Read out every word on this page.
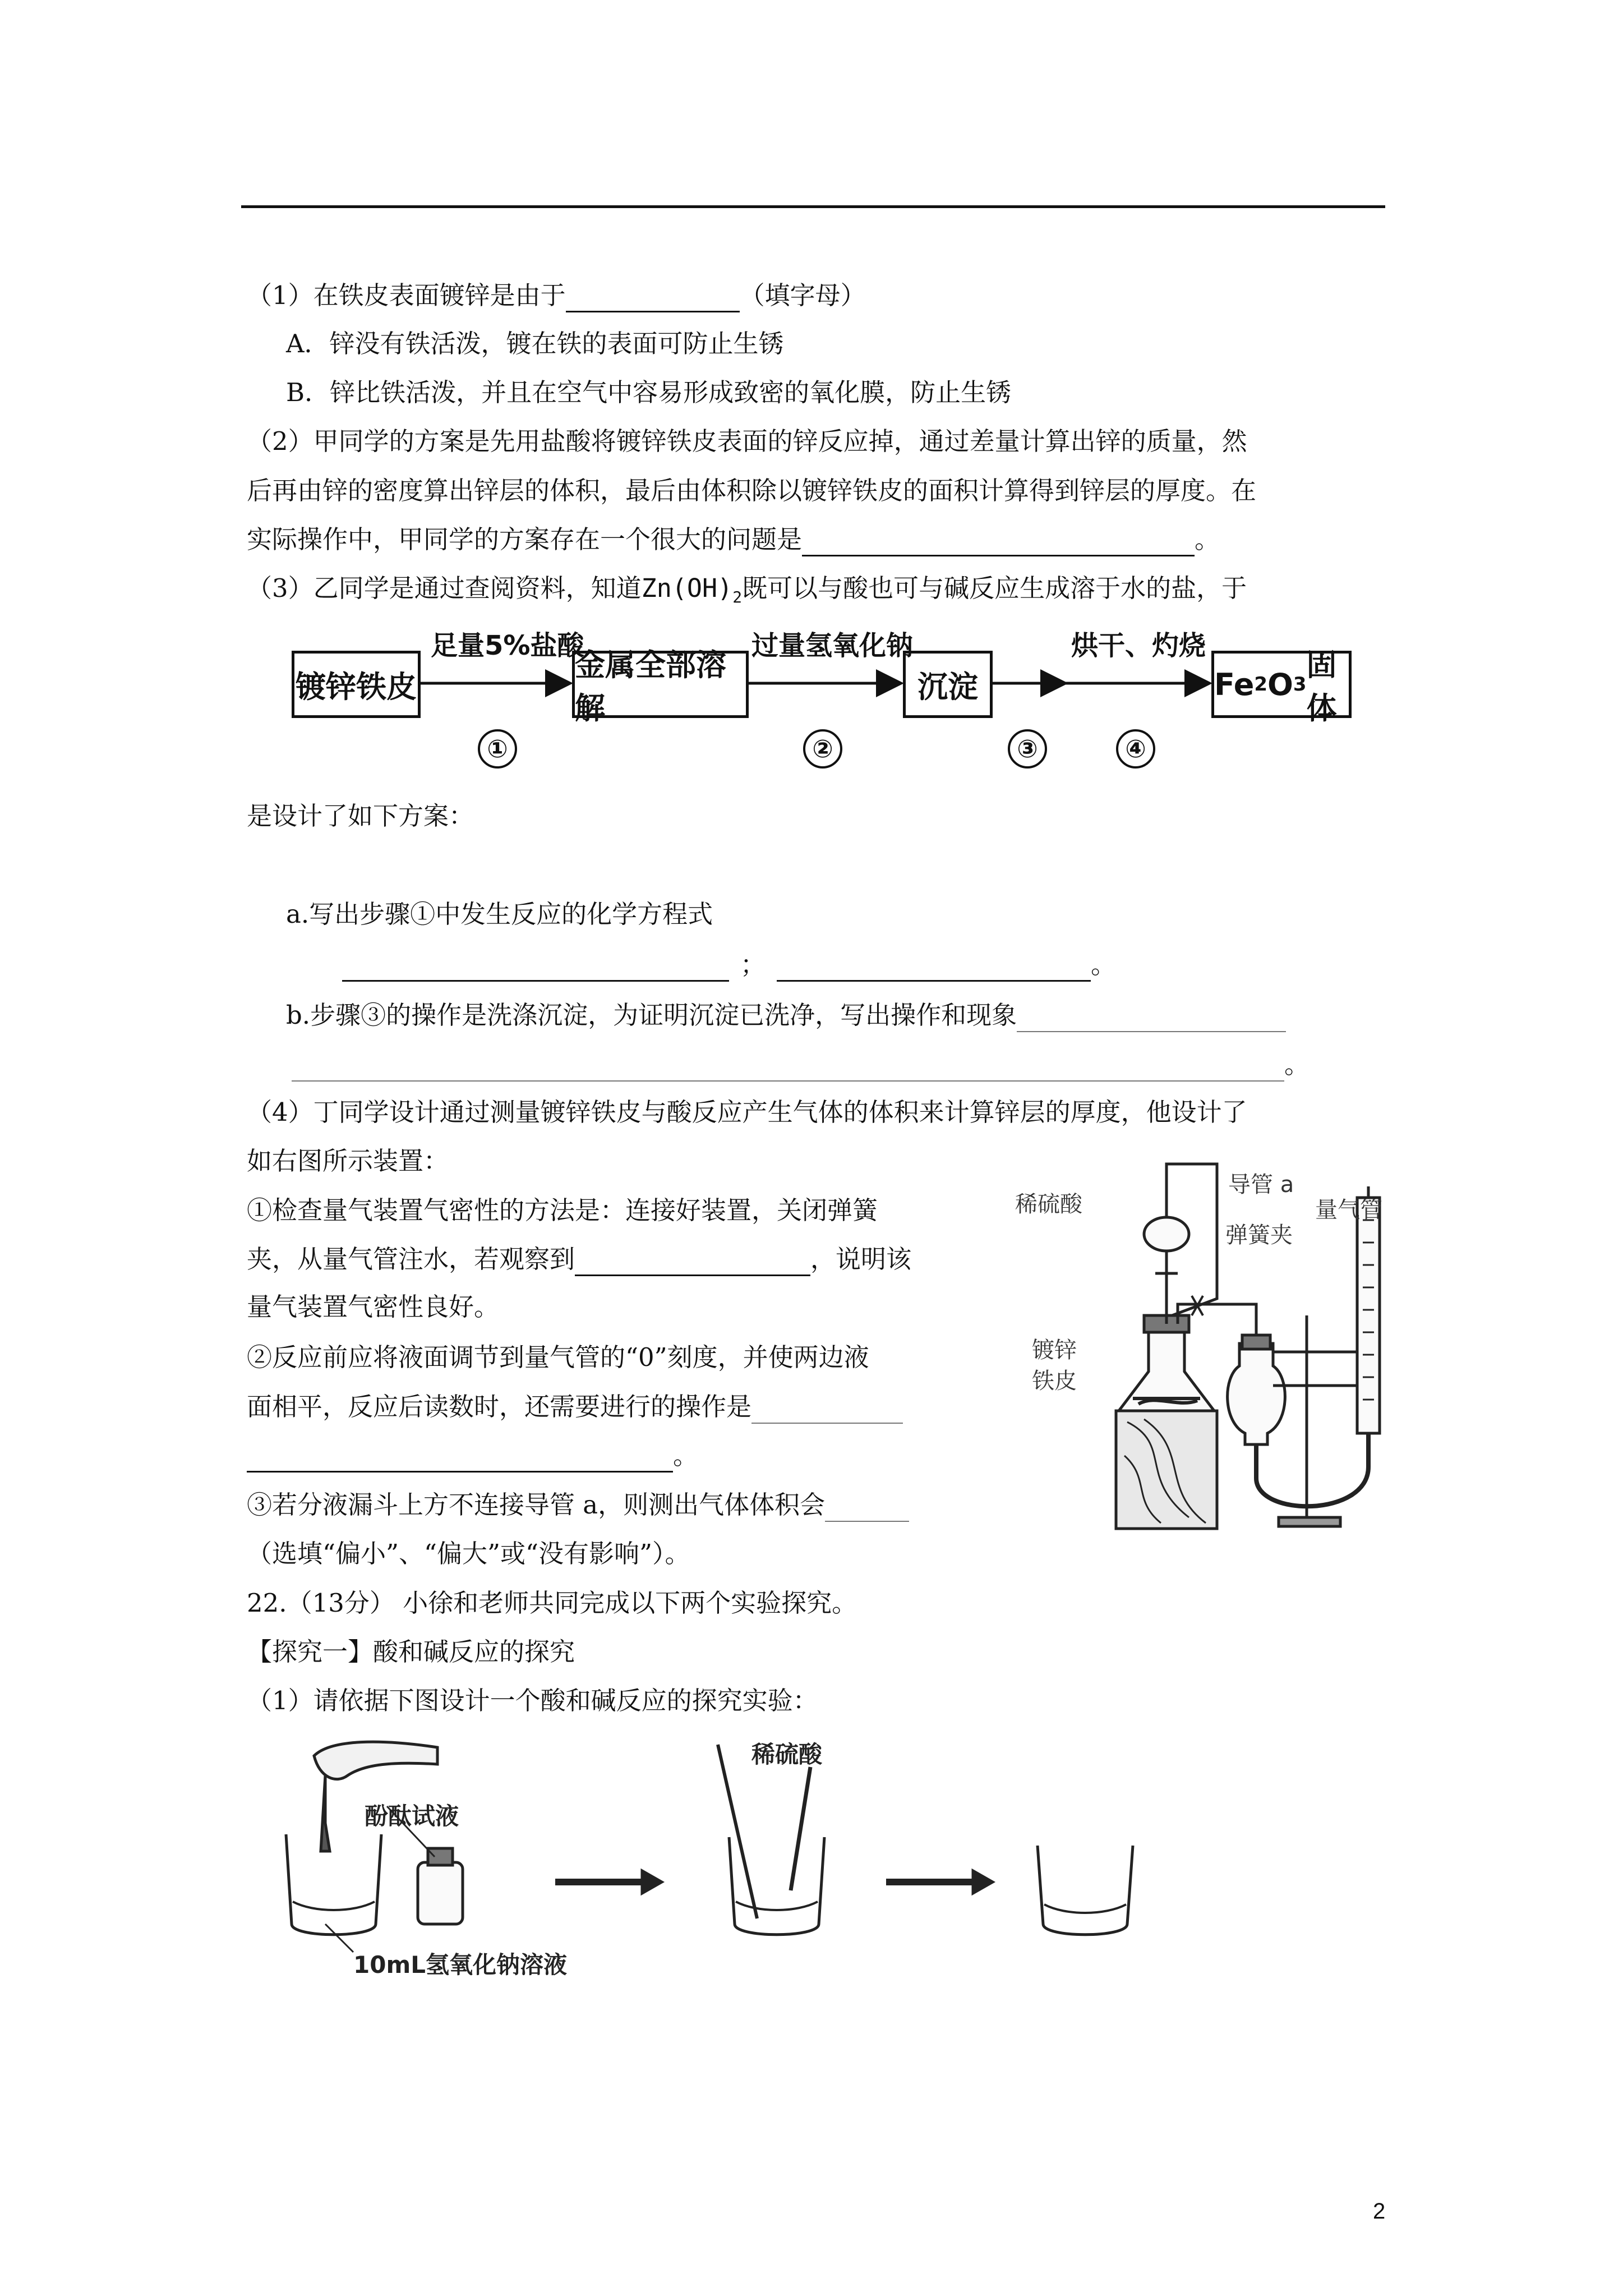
（1）在铁皮表面镀锌是由于	（填字母）
A．锌没有铁活泼，镀在铁的表面可防止生锈
B．锌比铁活泼，并且在空气中容易形成致密的氧化膜，防止生锈
（2）甲同学的方案是先用盐酸将镀锌铁皮表面的锌反应掉，通过差量计算出锌的质量，然
后再由锌的密度算出锌层的体积，最后由体积除以镀锌铁皮的面积计算得到锌层的厚度。在
实际操作中，甲同学的方案存在一个很大的问题是	。
（3）乙同学是通过查阅资料，知道$Zn(OH)_2$既可以与酸也可与碱反应生成溶于水的盐，于
镀锌铁皮
金属全部溶解
沉淀	Fe 2 O 3
固体
足量5%盐酸	过量氢氧化钠	烘干、灼烧
①	②	③	④
是设计了如下方案：
a.写出步骤①中发生反应的化学方程式
；	。
b.步骤③的操作是洗涤沉淀，为证明沉淀已洗净，写出操作和现象
。
（4）丁同学设计通过测量镀锌铁皮与酸反应产生气体的体积来计算锌层的厚度，他设计了
如右图所示装置：
①检查量气装置气密性的方法是：连接好装置，关闭弹簧
夹，从量气管注水，若观察到	，说明该
量气装置气密性良好。
②反应前应将液面调节到量气管的“0”刻度，并使两边液
面相平，反应后读数时，还需要进行的操作是
。
③若分液漏斗上方不连接导管 a，则测出气体体积会
（选填“偏小”、“偏大”或“没有影响”）。
稀硫酸
导管 a
弹簧夹
量气管
镀锌
铁皮
22.（13分） 小徐和老师共同完成以下两个实验探究。
【探究一】酸和碱反应的探究
（1）请依据下图设计一个酸和碱反应的探究实验：
酚酞试液
10mL氢氧化钠溶液
稀硫酸
2
